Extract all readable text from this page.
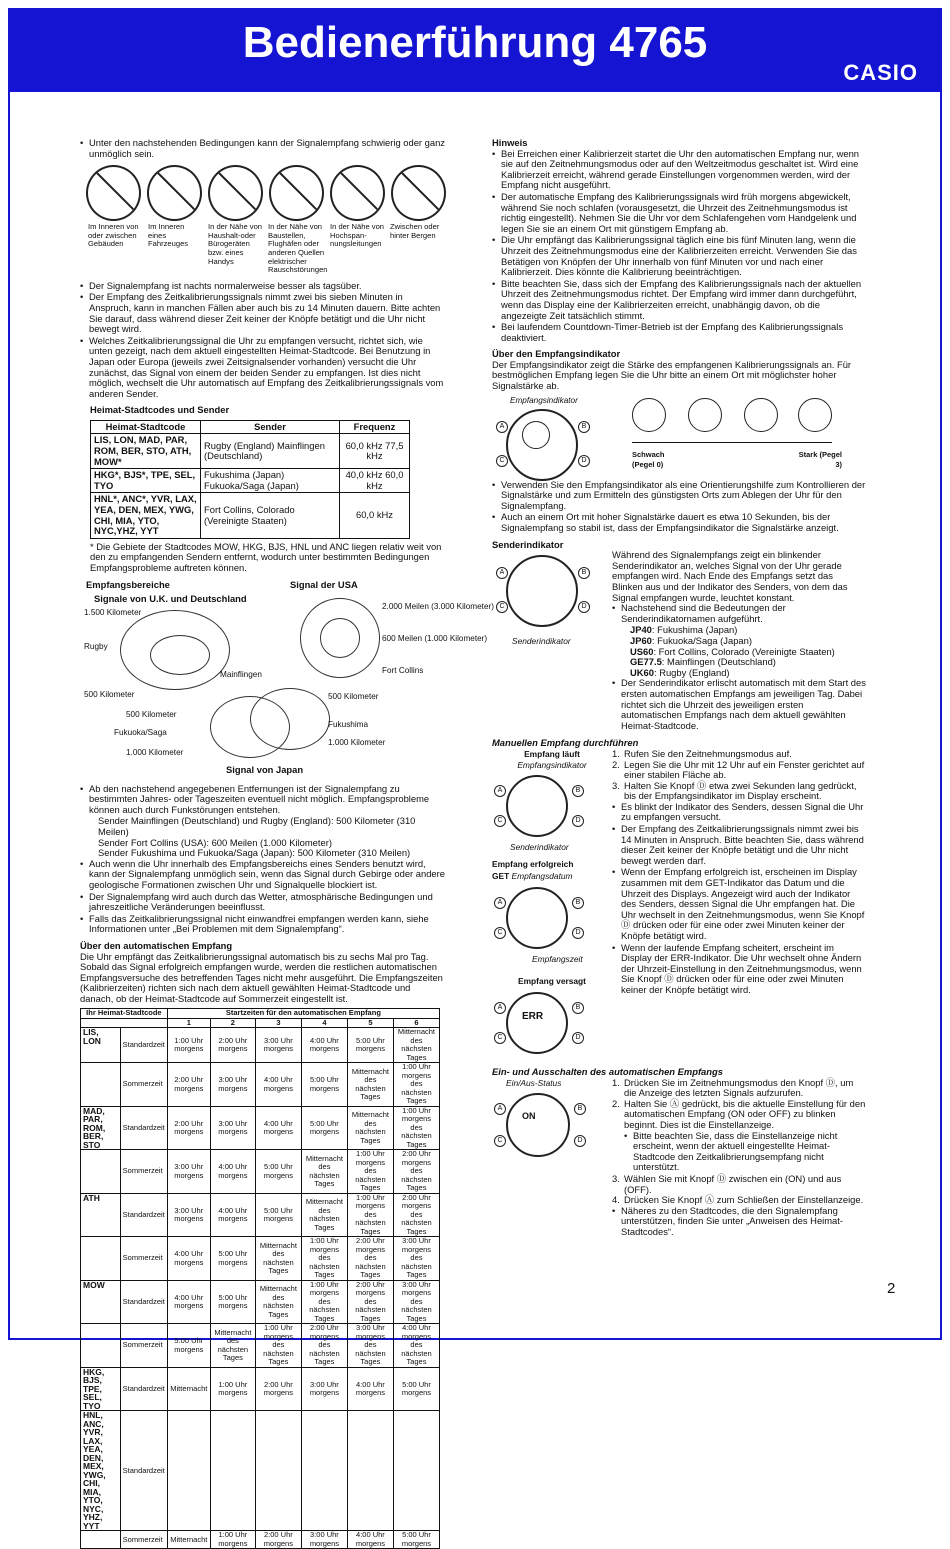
Bedienerführung 4765
CASIO
• Unter den nachstehenden Bedingungen kann der Signalempfang schwierig oder ganz unmöglich sein.
Im Inneren von oder zwischen Gebäuden
Im Inneren eines Fahrzeuges
In der Nähe von Haushalt-oder Bürogeräten bzw. eines Handys
In der Nähe von Baustellen, Flughäfen oder anderen Quellen elektrischer Rauschstörungen
In der Nähe von Hochspan-nungsleitungen
Zwischen oder hinter Bergen
• Der Signalempfang ist nachts normalerweise besser als tagsüber.
• Der Empfang des Zeitkalibrierungssignals nimmt zwei bis sieben Minuten in Anspruch, kann in manchen Fällen aber auch bis zu 14 Minuten dauern. Bitte achten Sie darauf, dass während dieser Zeit keiner der Knöpfe betätigt und die Uhr nicht bewegt wird.
• Welches Zeitkalibrierungssignal die Uhr zu empfangen versucht, richtet sich, wie unten gezeigt, nach dem aktuell eingestellten Heimat-Stadtcode. Bei Benutzung in Japan oder Europa (jeweils zwei Zeitsignalsender vorhanden) versucht die Uhr zunächst, das Signal von einem der beiden Sender zu empfangen. Ist dies nicht möglich, wechselt die Uhr automatisch auf Empfang des Zeitkalibrierungssignals vom anderen Sender.
Heimat-Stadtcodes und Sender
Heimat-Stadtcode	Sender	Frequenz
LIS, LON, MAD, PAR, ROM, BER, STO, ATH, MOW*	Rugby (England) Mainflingen (Deutschland)	60,0 kHz 77,5 kHz
HKG*, BJS*, TPE, SEL, TYO	Fukushima (Japan) Fukuoka/Saga (Japan)	40,0 kHz 60,0 kHz
HNL*, ANC*, YVR, LAX, YEA, DEN, MEX, YWG, CHI, MIA, YTO, NYC,YHZ, YYT	Fort Collins, Colorado (Vereinigte Staaten)	60,0 kHz
* Die Gebiete der Stadtcodes MOW, HKG, BJS, HNL und ANC liegen relativ weit von den zu empfangenden Sendern entfernt, wodurch unter bestimmten Bedingungen Empfangsprobleme auftreten können.
Empfangsbereiche	Signal der USA
Signale von U.K. und Deutschland
1.500 Kilometer
Rugby
Mainflingen
500 Kilometer
2.000 Meilen (3.000 Kilometer)
600 Meilen (1.000 Kilometer)
Fort Collins
500 Kilometer
500 Kilometer
Fukuoka/Saga
Fukushima
1.000 Kilometer
1.000 Kilometer
Signal von Japan
• Ab den nachstehend angegebenen Entfernungen ist der Signalempfang zu bestimmten Jahres- oder Tageszeiten eventuell nicht möglich. Empfangsprobleme können auch durch Funkstörungen entstehen.
Sender Mainflingen (Deutschland) und Rugby (England): 500 Kilometer (310 Meilen)
Sender Fort Collins (USA): 600 Meilen (1.000 Kilometer)
Sender Fukushima und Fukuoka/Saga (Japan): 500 Kilometer (310 Meilen)
• Auch wenn die Uhr innerhalb des Empfangsbereichs eines Senders benutzt wird, kann der Signalempfang unmöglich sein, wenn das Signal durch Gebirge oder andere geologische Formationen zwischen Uhr und Signalquelle blockiert ist.
• Der Signalempfang wird auch durch das Wetter, atmosphärische Bedingungen und jahreszeitliche Veränderungen beeinflusst.
• Falls das Zeitkalibrierungssignal nicht einwandfrei empfangen werden kann, siehe Informationen unter „Bei Problemen mit dem Signalempfang“.
Über den automatischen Empfang
Die Uhr empfängt das Zeitkalibrierungssignal automatisch bis zu sechs Mal pro Tag. Sobald das Signal erfolgreich empfangen wurde, werden die restlichen automatischen Empfangsversuche des betreffenden Tages nicht mehr ausgeführt. Die Empfangszeiten (Kalibrierzeiten) richten sich nach dem aktuell gewählten Heimat-Stadtcode und danach, ob der Heimat-Stadtcode auf Sommerzeit eingestellt ist.
Ihr Heimat-Stadtcode		Startzeiten für den automatischen Empfang					
		1	2	3	4	5	6
LIS, LON	Standardzeit	1:00 Uhr morgens	2:00 Uhr morgens	3:00 Uhr morgens	4:00 Uhr morgens	5:00 Uhr morgens	Mitternacht des nächsten Tages
	Sommerzeit	2:00 Uhr morgens	3:00 Uhr morgens	4:00 Uhr morgens	5:00 Uhr morgens	Mitternacht des nächsten Tages	1:00 Uhr morgens des nächsten Tages
MAD, PAR, ROM, BER, STO	Standardzeit	2:00 Uhr morgens	3:00 Uhr morgens	4:00 Uhr morgens	5:00 Uhr morgens	Mitternacht des nächsten Tages	1:00 Uhr morgens des nächsten Tages
	Sommerzeit	3:00 Uhr morgens	4:00 Uhr morgens	5:00 Uhr morgens	Mitternacht des nächsten Tages	1:00 Uhr morgens des nächsten Tages	2:00 Uhr morgens des nächsten Tages
ATH	Standardzeit	3:00 Uhr morgens	4:00 Uhr morgens	5:00 Uhr morgens	Mitternacht des nächsten Tages	1:00 Uhr morgens des nächsten Tages	2:00 Uhr morgens des nächsten Tages
	Sommerzeit	4:00 Uhr morgens	5:00 Uhr morgens	Mitternacht des nächsten Tages	1:00 Uhr morgens des nächsten Tages	2:00 Uhr morgens des nächsten Tages	3:00 Uhr morgens des nächsten Tages
MOW	Standardzeit	4:00 Uhr morgens	5:00 Uhr morgens	Mitternacht des nächsten Tages	1:00 Uhr morgens des nächsten Tages	2:00 Uhr morgens des nächsten Tages	3:00 Uhr morgens des nächsten Tages
	Sommerzeit	5:00 Uhr morgens	Mitternacht des nächsten Tages	1:00 Uhr morgens des nächsten Tages	2:00 Uhr morgens des nächsten Tages	3:00 Uhr morgens des nächsten Tages	4:00 Uhr morgens des nächsten Tages
HKG, BJS, TPE, SEL, TYO	Standardzeit	Mitternacht	1:00 Uhr morgens	2:00 Uhr morgens	3:00 Uhr morgens	4:00 Uhr morgens	5:00 Uhr morgens
HNL, ANC, YVR, LAX, YEA, DEN, MEX, YWG, CHI, MIA, YTO, NYC, YHZ, YYT	Standardzeit						
	Sommerzeit	Mitternacht	1:00 Uhr morgens	2:00 Uhr morgens	3:00 Uhr morgens	4:00 Uhr morgens	5:00 Uhr morgens
Hinweis
• Bei Erreichen einer Kalibrierzeit startet die Uhr den automatischen Empfang nur, wenn sie auf den Zeitnehmungsmodus oder auf den Weltzeitmodus geschaltet ist. Wird eine Kalibrierzeit erreicht, während gerade Einstellungen vorgenommen werden, wird der Empfang nicht ausgeführt.
• Der automatische Empfang des Kalibrierungssignals wird früh morgens abgewickelt, während Sie noch schlafen (vorausgesetzt, die Uhrzeit des Zeitnehmungsmodus ist richtig eingestellt). Nehmen Sie die Uhr vor dem Schlafengehen vom Handgelenk und legen Sie sie an einem Ort mit günstigem Empfang ab.
• Die Uhr empfängt das Kalibrierungssignal täglich eine bis fünf Minuten lang, wenn die Uhrzeit des Zeitnehmungsmodus eine der Kalibrierzeiten erreicht. Verwenden Sie das Betätigen von Knöpfen der Uhr innerhalb von fünf Minuten vor und nach einer Kalibrierzeit. Dies könnte die Kalibrierung beeinträchtigen.
• Bitte beachten Sie, dass sich der Empfang des Kalibrierungssignals nach der aktuellen Uhrzeit des Zeitnehmungsmodus richtet. Der Empfang wird immer dann durchgeführt, wenn das Display eine der Kalibrierzeiten erreicht, unabhängig davon, ob die angezeigte Zeit tatsächlich stimmt.
• Bei laufendem Countdown-Timer-Betrieb ist der Empfang des Kalibrierungssignals deaktiviert.
Über den Empfangsindikator
Der Empfangsindikator zeigt die Stärke des empfangenen Kalibrierungssignals an. Für bestmöglichen Empfang legen Sie die Uhr bitte an einem Ort mit möglichster hoher Signalstärke ab.
Empfangsindikator
A	B
C	D
Schwach (Pegel 0)
Stark (Pegel 3)
• Verwenden Sie den Empfangsindikator als eine Orientierungshilfe zum Kontrollieren der Signalstärke und zum Ermitteln des günstigsten Orts zum Ablegen der Uhr für den Signalempfang.
• Auch an einem Ort mit hoher Signalstärke dauert es etwa 10 Sekunden, bis der Signalempfang so stabil ist, dass der Empfangsindikator die Signalstärke anzeigt.
Senderindikator
A	B
C	D
Senderindikator
Während des Signalempfangs zeigt ein blinkender Senderindikator an, welches Signal von der Uhr gerade empfangen wird. Nach Ende des Empfangs setzt das Blinken aus und der Indikator des Senders, von dem das Signal empfangen wurde, leuchtet konstant.
• Nachstehend sind die Bedeutungen der Senderindikatornamen aufgeführt.
JP40: Fukushima (Japan)
JP60: Fukuoka/Saga (Japan)
US60: Fort Collins, Colorado (Vereinigte Staaten)
GE77.5: Mainflingen (Deutschland)
UK60: Rugby (England)
• Der Senderindikator erlischt automatisch mit dem Start des ersten automatischen Empfangs am jeweiligen Tag. Dabei richtet sich die Uhrzeit des jeweiligen ersten automatischen Empfangs nach dem aktuell gewählten Heimat-Stadtcode.
Manuellen Empfang durchführen
Empfang läuft
Empfangsindikator
A	B
C	D
Senderindikator
Empfang erfolgreich
GET Empfangsdatum
A	B
C	D
Empfangszeit
Empfang versagt
ERR
A	B
C	D
1. Rufen Sie den Zeitnehmungsmodus auf.
2. Legen Sie die Uhr mit 12 Uhr auf ein Fenster gerichtet auf einer stabilen Fläche ab.
3. Halten Sie Knopf Ⓓ etwa zwei Sekunden lang gedrückt, bis der Empfangsindikator im Display erscheint.
• Es blinkt der Indikator des Senders, dessen Signal die Uhr zu empfangen versucht.
• Der Empfang des Zeitkalibrierungssignals nimmt zwei bis 14 Minuten in Anspruch. Bitte beachten Sie, dass während dieser Zeit keiner der Knöpfe betätigt und die Uhr nicht bewegt werden darf.
• Wenn der Empfang erfolgreich ist, erscheinen im Display zusammen mit dem GET-Indikator das Datum und die Uhrzeit des Displays. Angezeigt wird auch der Indikator des Senders, dessen Signal die Uhr empfangen hat. Die Uhr wechselt in den Zeitnehmungsmodus, wenn Sie Knopf Ⓓ drücken oder für eine oder zwei Minuten keiner der Knöpfe betätigt wird.
• Wenn der laufende Empfang scheitert, erscheint im Display der ERR-Indikator. Die Uhr wechselt ohne Ändern der Uhrzeit-Einstellung in den Zeitnehmungsmodus, wenn Sie Knopf Ⓓ drücken oder für eine oder zwei Minuten keiner der Knöpfe betätigt wird.
Ein- und Ausschalten des automatischen Empfangs
Ein/Aus-Status
ON
A	B
C	D
1. Drücken Sie im Zeitnehmungsmodus den Knopf Ⓓ, um die Anzeige des letzten Signals aufzurufen.
2. Halten Sie Ⓐ gedrückt, bis die aktuelle Einstellung für den automatischen Empfang (ON oder OFF) zu blinken beginnt. Dies ist die Einstellanzeige.
• Bitte beachten Sie, dass die Einstellanzeige nicht erscheint, wenn der aktuell eingestellte Heimat-Stadtcode den Zeitkalibrierungsempfang nicht unterstützt.
3. Wählen Sie mit Knopf Ⓓ zwischen ein (ON) und aus (OFF).
4. Drücken Sie Knopf Ⓐ zum Schließen der Einstellanzeige.
• Näheres zu den Stadtcodes, die den Signalempfang unterstützen, finden Sie unter „Anweisen des Heimat-Stadtcodes“.
2
